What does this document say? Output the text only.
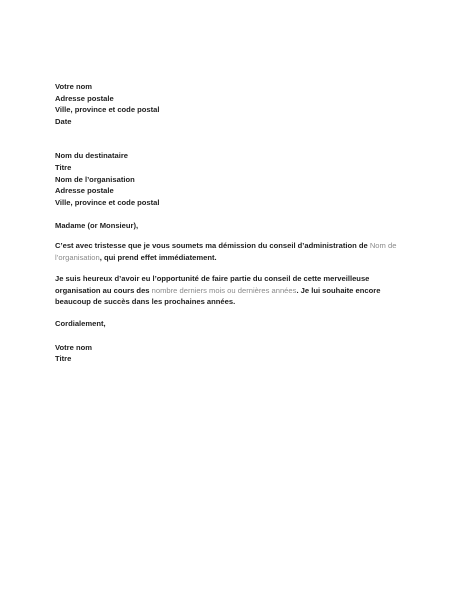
Votre nom
Adresse postale
Ville, province et code postal
Date
Nom du destinataire
Titre
Nom de l’organisation
Adresse postale
Ville, province et code postal

Madame (or Monsieur),

C’est avec tristesse que je vous soumets ma démission du conseil d’administration de Nom de l’organisation, qui prend effet immédiatement.

Je suis heureux d’avoir eu l’opportunité de faire partie du conseil de cette merveilleuse organisation au cours des nombre derniers mois ou dernières années. Je lui souhaite encore beaucoup de succès dans les prochaines années.

Cordialement,

Votre nom
Titre
